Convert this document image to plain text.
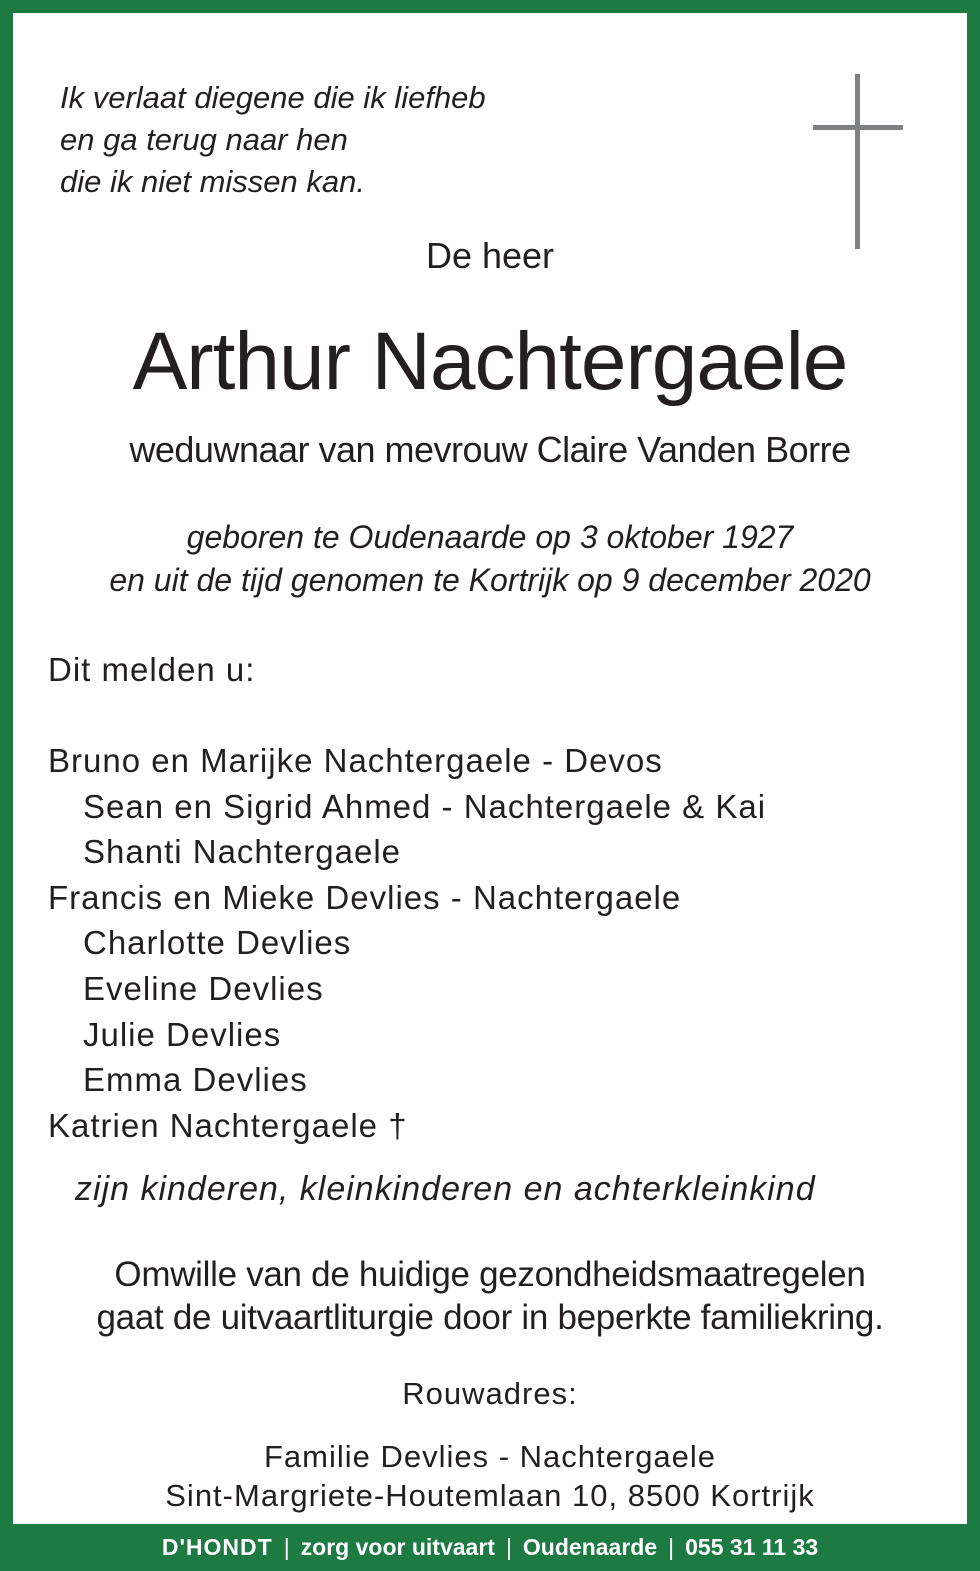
Ik verlaat diegene die ik liefheb
en ga terug naar hen
die ik niet missen kan.
De heer
Arthur Nachtergaele
weduwnaar van mevrouw Claire Vanden Borre
geboren te Oudenaarde op 3 oktober 1927
en uit de tijd genomen te Kortrijk op 9 december 2020
Dit melden u:
Bruno en Marijke Nachtergaele - Devos
Sean en Sigrid Ahmed - Nachtergaele & Kai
Shanti Nachtergaele
Francis en Mieke Devlies - Nachtergaele
Charlotte Devlies
Eveline Devlies
Julie Devlies
Emma Devlies
Katrien Nachtergaele †
zijn kinderen, kleinkinderen en achterkleinkind
Omwille van de huidige gezondheidsmaatregelen
gaat de uitvaartliturgie door in beperkte familiekring.
Rouwadres:
Familie Devlies - Nachtergaele
Sint-Margriete-Houtemlaan 10, 8500 Kortrijk
D'HONDT | zorg voor uitvaart | Oudenaarde | 055 31 11 33
